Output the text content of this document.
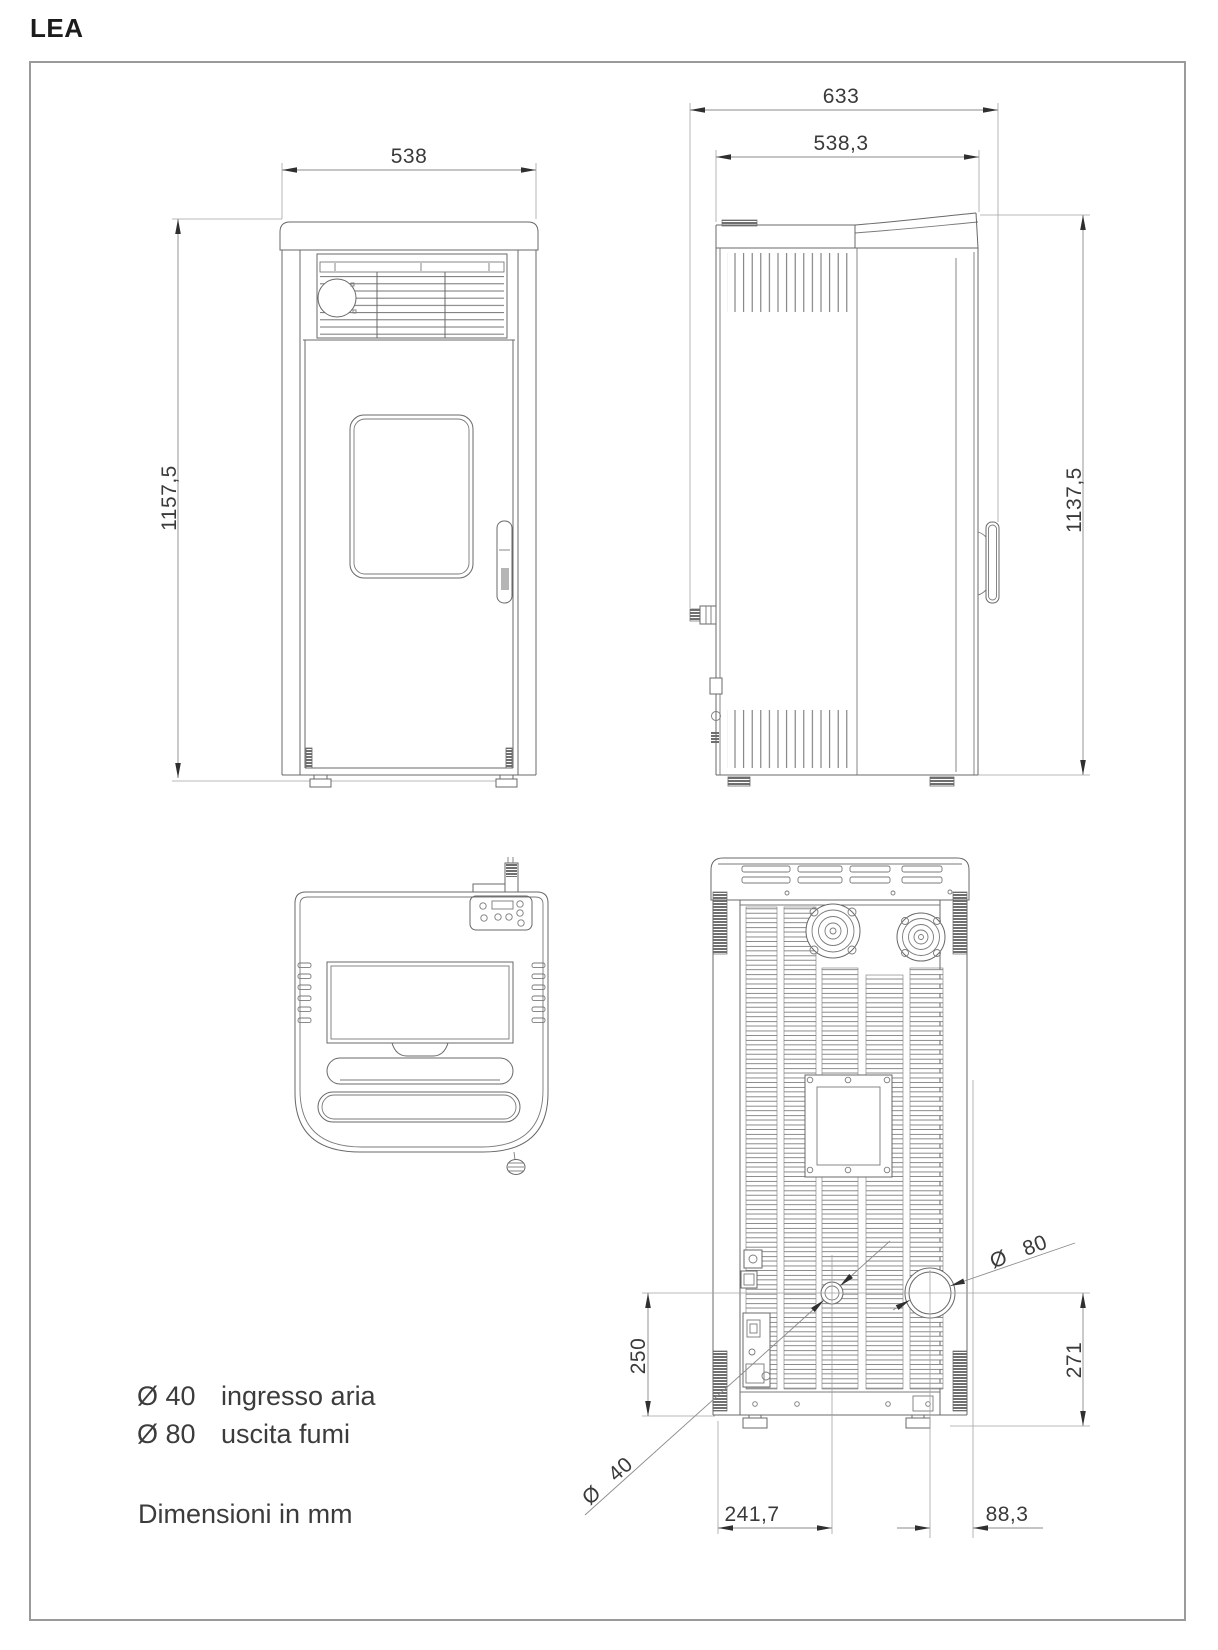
LEA
538
1157,5
633
538,3
1137,5
250	271
241,7	88,3
Ø 80
Ø 40
Ø 40 ingresso aria
Ø 80 uscita fumi
Dimensioni in mm
